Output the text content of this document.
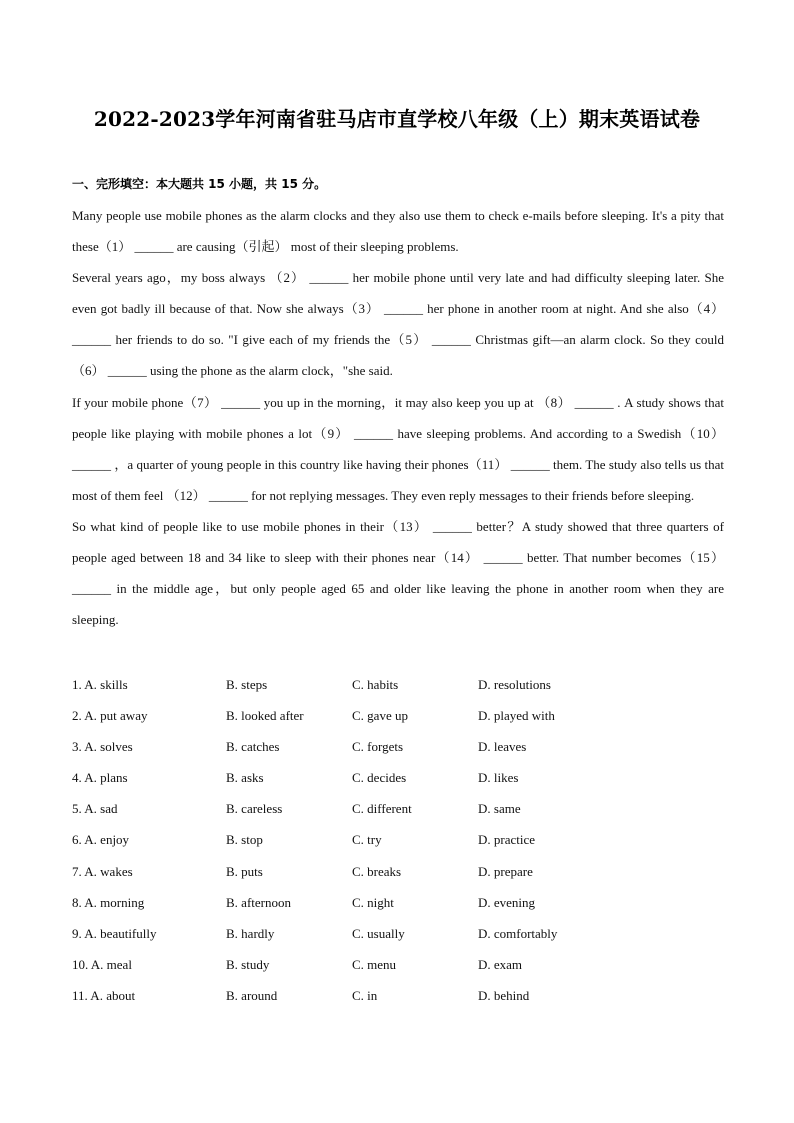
2022-2023学年河南省驻马店市直学校八年级（上）期末英语试卷
一、完形填空：本大题共 15 小题，共 15 分。

Many people use mobile phones as the alarm clocks and they also use them to check e-mails before sleeping. It's a pity that these（1） ______ are causing（引起） most of their sleeping problems.

Several years ago，my boss always （2） ______ her mobile phone until very late and had difficulty sleeping later. She even got badly ill because of that. Now she always（3） ______ her phone in another room at night. And she also（4） ______ her friends to do so. "I give each of my friends the（5） ______ Christmas gift—an alarm clock. So they could （6） ______ using the phone as the alarm clock，"she said.

If your mobile phone（7） ______ you up in the morning，it may also keep you up at （8） ______ . A study shows that people like playing with mobile phones a lot（9） ______ have sleeping problems. And according to a Swedish（10） ______ ，a quarter of young people in this country like having their phones（11） ______ them. The study also tells us that most of them feel （12） ______ for not replying messages. They even reply messages to their friends before sleeping.

So what kind of people like to use mobile phones in their（13） ______ better？A study showed that three quarters of people aged between 18 and 34 like to sleep with their phones near（14） ______ better. That number becomes（15） ______ in the middle age，but only people aged 65 and older like leaving the phone in another room when they are sleeping.

1. A. skills	B. steps	C. habits	D. resolutions
2. A. put away	B. looked after	C. gave up	D. played with
3. A. solves	B. catches	C. forgets	D. leaves
4. A. plans	B. asks	C. decides	D. likes
5. A. sad	B. careless	C. different	D. same
6. A. enjoy	B. stop	C. try	D. practice
7. A. wakes	B. puts	C. breaks	D. prepare
8. A. morning	B. afternoon	C. night	D. evening
9. A. beautifully	B. hardly	C. usually	D. comfortably
10. A. meal	B. study	C. menu	D. exam
11. A. about	B. around	C. in	D. behind
